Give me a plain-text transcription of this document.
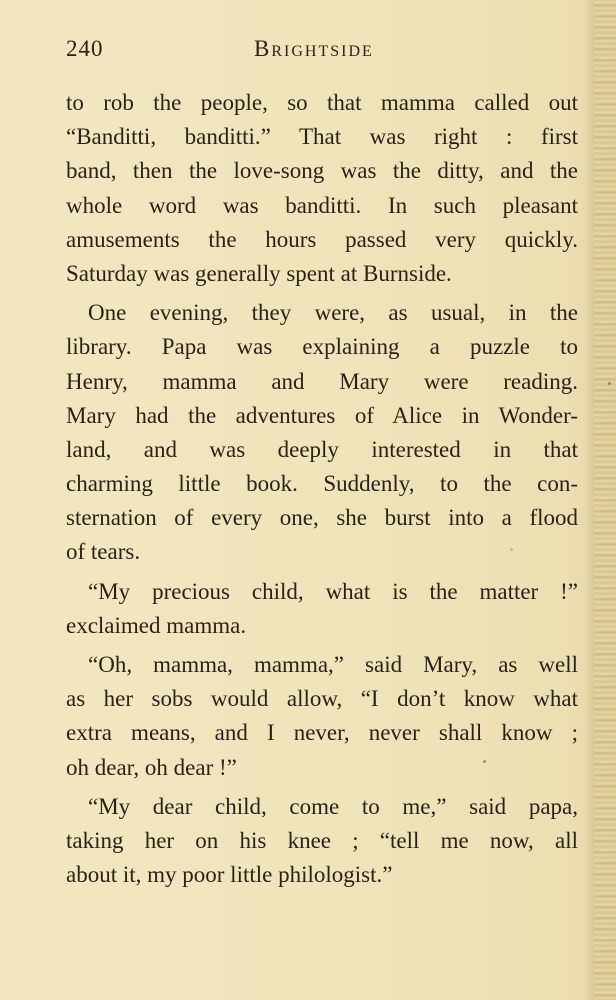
240	Brightside
to rob the people, so that mamma called out
“Banditti, banditti.” That was right : first
band, then the love-song was the ditty, and the
whole word was banditti. In such pleasant
amusements the hours passed very quickly.
Saturday was generally spent at Burnside.
One evening, they were, as usual, in the
library. Papa was explaining a puzzle to
Henry, mamma and Mary were reading.
Mary had the adventures of Alice in Wonder-
land, and was deeply interested in that
charming little book. Suddenly, to the con-
sternation of every one, she burst into a flood
of tears.
“My precious child, what is the matter !”
exclaimed mamma.
“Oh, mamma, mamma,” said Mary, as well
as her sobs would allow, “I don’t know what
extra means, and I never, never shall know ;
oh dear, oh dear !”
“My dear child, come to me,” said papa,
taking her on his knee ; “tell me now, all
about it, my poor little philologist.”
